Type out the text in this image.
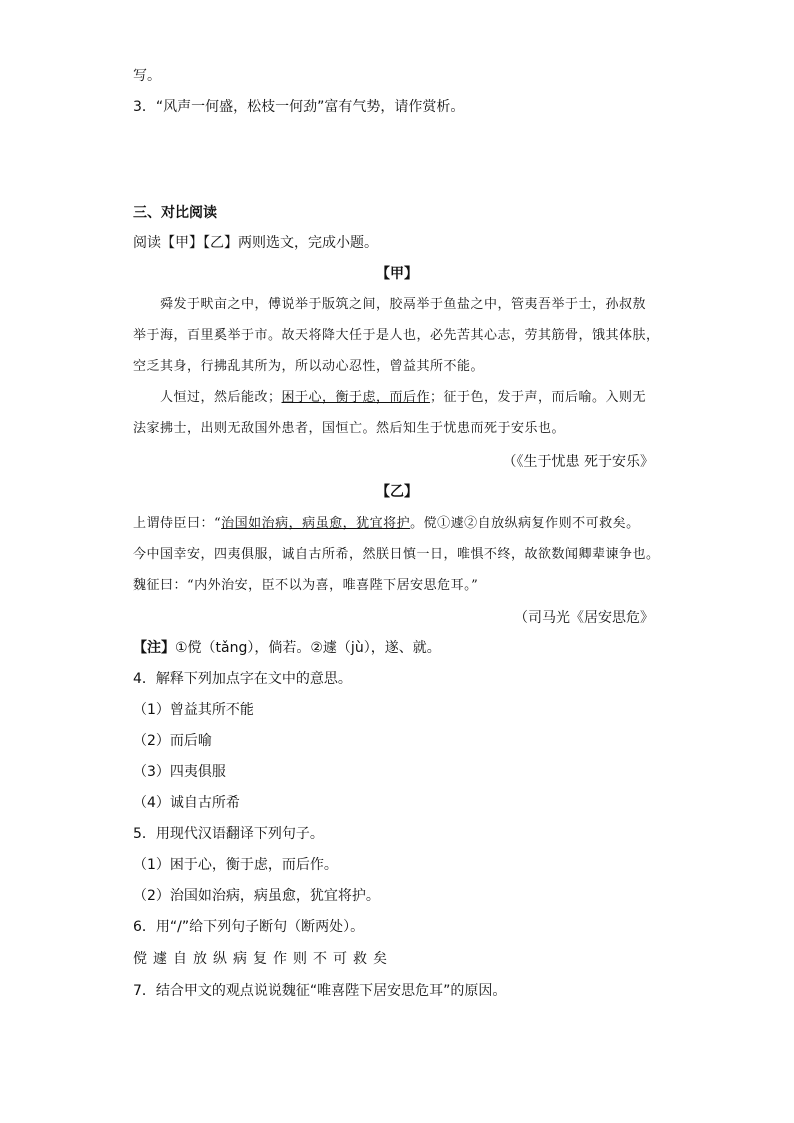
写。
3．“风声一何盛，松枝一何劲”富有气势，请作赏析。
三、对比阅读
阅读【甲】【乙】两则选文，完成小题。
【甲】
舜发于畎亩之中，傅说举于版筑之间，胶鬲举于鱼盐之中，管夷吾举于士，孙叔敖
举于海，百里奚举于市。故天将降大任于是人也，必先苦其心志，劳其筋骨，饿其体肤，
空乏其身，行拂乱其所为，所以动心忍性，曾益其所不能。
人恒过，然后能改；困于心，衡于虑，而后作；征于色，发于声，而后喻。入则无
法家拂士，出则无敌国外患者，国恒亡。然后知生于忧患而死于安乐也。
（《生于忧患 死于安乐》
【乙】
上谓侍臣曰：“治国如治病，病虽愈，犹宜将护。傥①遽②自放纵病复作则不可救矣。
今中国幸安，四夷俱服，诚自古所希，然朕日慎一日，唯惧不终，故欲数闻卿辈谏争也。
魏征曰：“内外治安，臣不以为喜，唯喜陛下居安思危耳。”
（司马光《居安思危》
【注】①傥（tǎng），倘若。②遽（jù），遂、就。
4．解释下列加点字在文中的意思。
（1）曾益其所不能
（2）而后喻
（3）四夷俱服
（4）诚自古所希
5．用现代汉语翻译下列句子。
（1）困于心，衡于虑，而后作。
（2）治国如治病，病虽愈，犹宜将护。
6．用“/”给下列句子断句（断两处）。
傥遽自放纵病复作则不可救矣
7．结合甲文的观点说说魏征“唯喜陛下居安思危耳”的原因。
